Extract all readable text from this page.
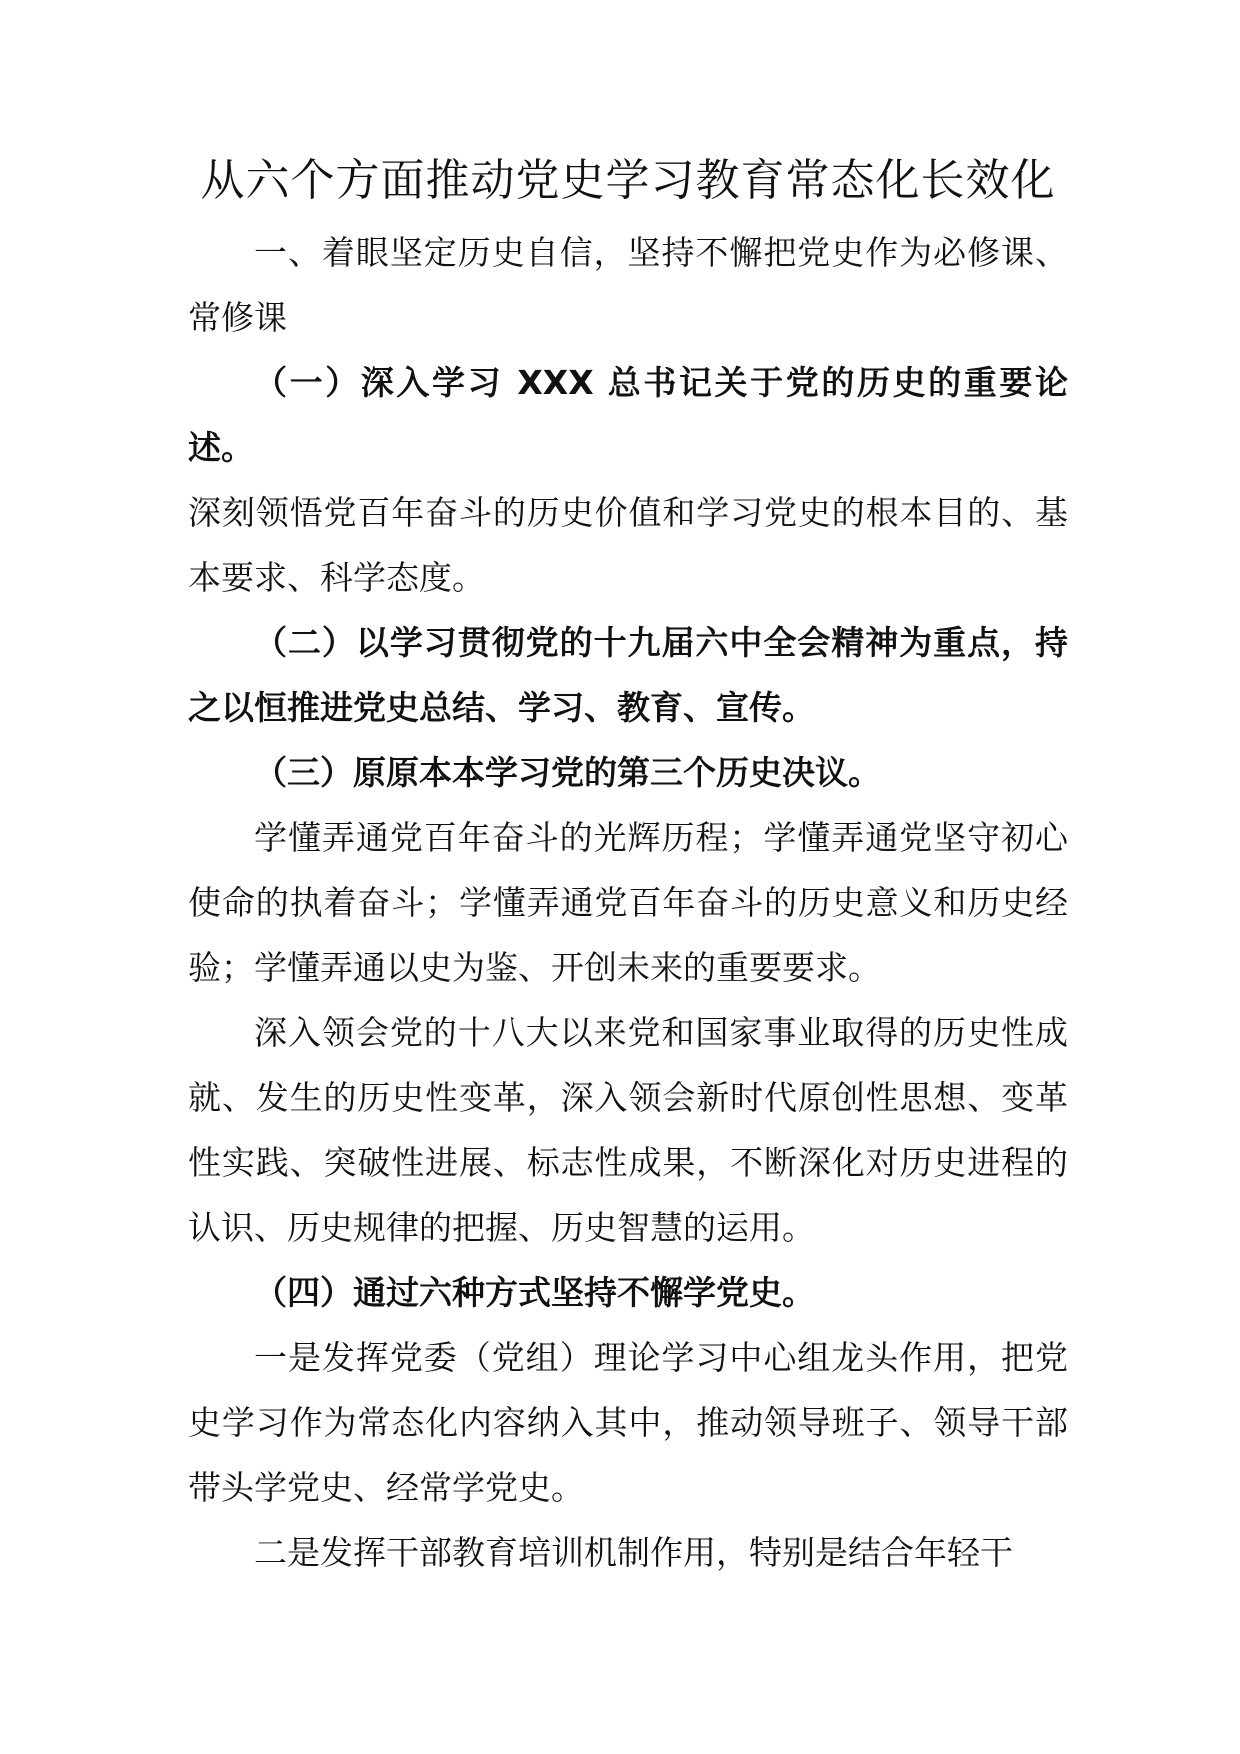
从六个方面推动党史学习教育常态化长效化

一、着眼坚定历史自信，坚持不懈把党史作为必修课、常修课

（一）深入学习 XXX 总书记关于党的历史的重要论述。

深刻领悟党百年奋斗的历史价值和学习党史的根本目的、基本要求、科学态度。

（二）以学习贯彻党的十九届六中全会精神为重点，持之以恒推进党史总结、学习、教育、宣传。

（三）原原本本学习党的第三个历史决议。

学懂弄通党百年奋斗的光辉历程；学懂弄通党坚守初心使命的执着奋斗；学懂弄通党百年奋斗的历史意义和历史经验；学懂弄通以史为鉴、开创未来的重要要求。

深入领会党的十八大以来党和国家事业取得的历史性成就、发生的历史性变革，深入领会新时代原创性思想、变革性实践、突破性进展、标志性成果，不断深化对历史进程的认识、历史规律的把握、历史智慧的运用。

（四）通过六种方式坚持不懈学党史。

一是发挥党委（党组）理论学习中心组龙头作用，把党史学习作为常态化内容纳入其中，推动领导班子、领导干部带头学党史、经常学党史。

二是发挥干部教育培训机制作用，特别是结合年轻干
